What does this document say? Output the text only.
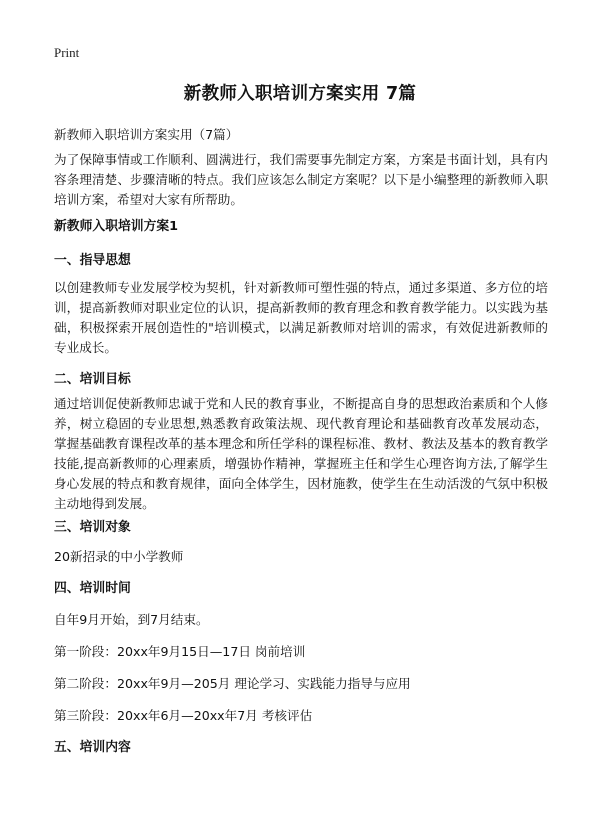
Print
新教师入职培训方案实用 7篇
新教师入职培训方案实用（7篇）

为了保障事情或工作顺利、圆满进行，我们需要事先制定方案，方案是书面计划，具有内容条理清楚、步骤清晰的特点。我们应该怎么制定方案呢？以下是小编整理的新教师入职培训方案，希望对大家有所帮助。

新教师入职培训方案1
一、指导思想

以创建教师专业发展学校为契机，针对新教师可塑性强的特点，通过多渠道、多方位的培训，提高新教师对职业定位的认识，提高新教师的教育理念和教育教学能力。以实践为基础，积极探索开展创造性的"培训模式，以满足新教师对培训的需求，有效促进新教师的专业成长。

二、培训目标

通过培训促使新教师忠诚于党和人民的教育事业，不断提高自身的思想政治素质和个人修养，树立稳固的专业思想,熟悉教育政策法规、现代教育理论和基础教育改革发展动态，掌握基础教育课程改革的基本理念和所任学科的课程标准、教材、教法及基本的教育教学技能,提高新教师的心理素质，增强协作精神，掌握班主任和学生心理咨询方法,了解学生身心发展的特点和教育规律，面向全体学生，因材施教，使学生在生动活泼的气氛中积极主动地得到发展。

三、培训对象
20新招录的中小学教师
四、培训时间
自年9月开始，到7月结束。
第一阶段：20xx年9月15日—17日 岗前培训
第二阶段：20xx年9月—205月 理论学习、实践能力指导与应用
第三阶段：20xx年6月—20xx年7月 考核评估
五、培训内容
